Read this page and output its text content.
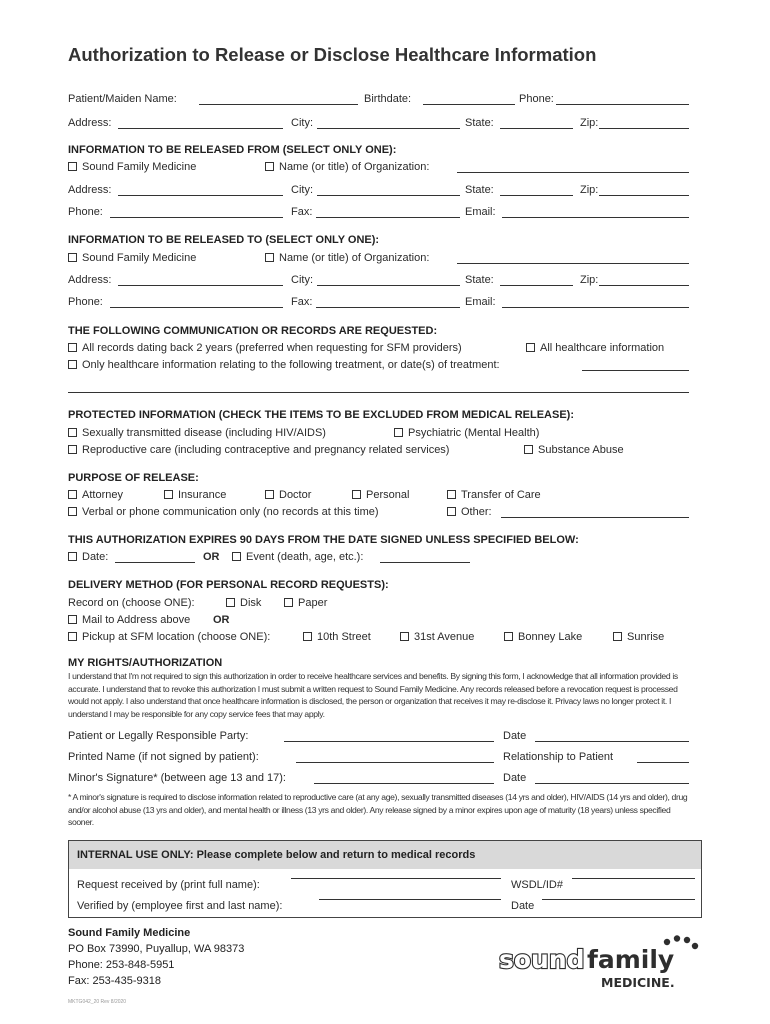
Authorization to Release or Disclose Healthcare Information
Patient/Maiden Name:	Birthdate:	Phone:
Address:	City:	State:	Zip:
INFORMATION TO BE RELEASED FROM (SELECT ONLY ONE):
Sound Family Medicine	Name (or title) of Organization:
Address:	City:	State:	Zip:
Phone:	Fax:	Email:
INFORMATION TO BE RELEASED TO (SELECT ONLY ONE):
Sound Family Medicine	Name (or title) of Organization:
Address:	City:	State:	Zip:
Phone:	Fax:	Email:
THE FOLLOWING COMMUNICATION OR RECORDS ARE REQUESTED:
All records dating back 2 years (preferred when requesting for SFM providers)	All healthcare information
Only healthcare information relating to the following treatment, or date(s) of treatment:
PROTECTED INFORMATION (CHECK THE ITEMS TO BE EXCLUDED FROM MEDICAL RELEASE):
Sexually transmitted disease (including HIV/AIDS)	Psychiatric (Mental Health)
Reproductive care (including contraceptive and pregnancy related services)	Substance Abuse
PURPOSE OF RELEASE:
Attorney	Insurance	Doctor	Personal	Transfer of Care
Verbal or phone communication only (no records at this time)	Other:
THIS AUTHORIZATION EXPIRES 90 DAYS FROM THE DATE SIGNED UNLESS SPECIFIED BELOW:
Date:	OR	Event (death, age, etc.):
DELIVERY METHOD (FOR PERSONAL RECORD REQUESTS):
Record on (choose ONE):	Disk	Paper
Mail to Address above OR
Pickup at SFM location (choose ONE):	10th Street	31st Avenue	Bonney Lake	Sunrise
MY RIGHTS/AUTHORIZATION
I understand that I'm not required to sign this authorization in order to receive healthcare services and benefits. By signing this form, I acknowledge that all information provided is accurate. I understand that to revoke this authorization I must submit a written request to Sound Family Medicine. Any records released before a revocation request is processed would not apply. I also understand that once healthcare information is disclosed, the person or organization that receives it may re-disclose it. Privacy laws no longer protect it. I understand I may be responsible for any copy service fees that may apply.
Patient or Legally Responsible Party:	Date
Printed Name (if not signed by patient):	Relationship to Patient
Minor's Signature* (between age 13 and 17):	Date
* A minor's signature is required to disclose information related to reproductive care (at any age), sexually transmitted diseases (14 yrs and older), HIV/AIDS (14 yrs and older), drug and/or alcohol abuse (13 yrs and older), and mental health or illness (13 yrs and older). Any release signed by a minor expires upon age of maturity (18 years) unless specified sooner.
INTERNAL USE ONLY: Please complete below and return to medical records
Request received by (print full name):	WSDL/ID#
Verified by (employee first and last name):	Date
Sound Family Medicine
PO Box 73990, Puyallup, WA 98373
Phone: 253-848-5951
Fax: 253-435-9318
MKTG042_20 Rev 8/2020
sound family
MEDICINE.
